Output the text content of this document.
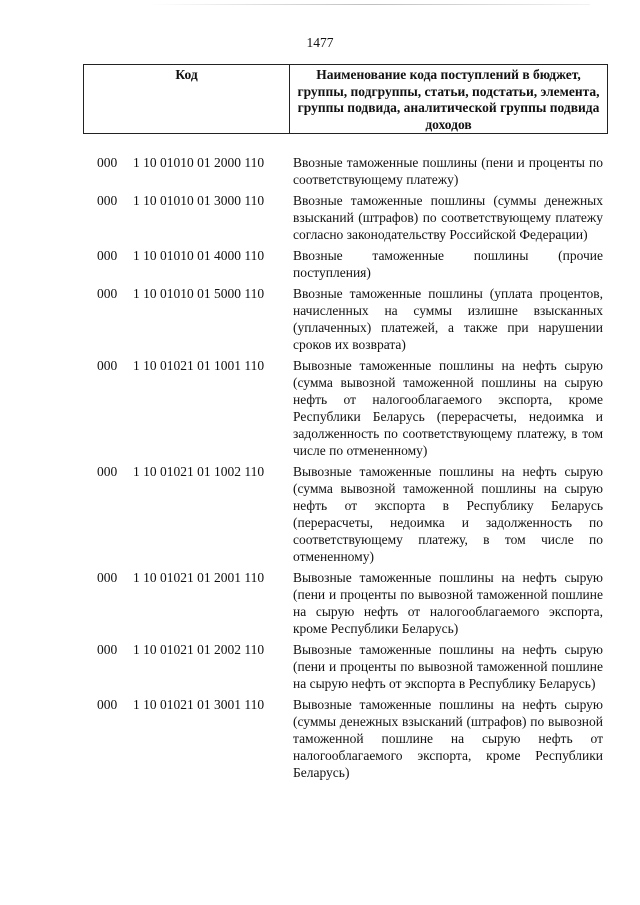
1477
Код	Наименование кода поступлений в бюджет, группы, подгруппы, статьи, подстатьи, элемента, группы подвида, аналитической группы подвида доходов
000 1 10 01010 01 2000 110 Ввозные таможенные пошлины (пени и проценты по соответствующему платежу)
000 1 10 01010 01 3000 110 Ввозные таможенные пошлины (суммы денежных взысканий (штрафов) по соответствующему платежу согласно законодательству Российской Федерации)
000 1 10 01010 01 4000 110 Ввозные таможенные пошлины (прочие поступления)
000 1 10 01010 01 5000 110 Ввозные таможенные пошлины (уплата процентов, начисленных на суммы излишне взысканных (уплаченных) платежей, а также при нарушении сроков их возврата)
000 1 10 01021 01 1001 110 Вывозные таможенные пошлины на нефть сырую (сумма вывозной таможенной пошлины на сырую нефть от налогооблагаемого экспорта, кроме Республики Беларусь (перерасчеты, недоимка и задолженность по соответствующему платежу, в том числе по отмененному)
000 1 10 01021 01 1002 110 Вывозные таможенные пошлины на нефть сырую (сумма вывозной таможенной пошлины на сырую нефть от экспорта в Республику Беларусь (перерасчеты, недоимка и задолженность по соответствующему платежу, в том числе по отмененному)
000 1 10 01021 01 2001 110 Вывозные таможенные пошлины на нефть сырую (пени и проценты по вывозной таможенной пошлине на сырую нефть от налогооблагаемого экспорта, кроме Республики Беларусь)
000 1 10 01021 01 2002 110 Вывозные таможенные пошлины на нефть сырую (пени и проценты по вывозной таможенной пошлине на сырую нефть от экспорта в Республику Беларусь)
000 1 10 01021 01 3001 110 Вывозные таможенные пошлины на нефть сырую (суммы денежных взысканий (штрафов) по вывозной таможенной пошлине на сырую нефть от налогооблагаемого экспорта, кроме Республики Беларусь)
